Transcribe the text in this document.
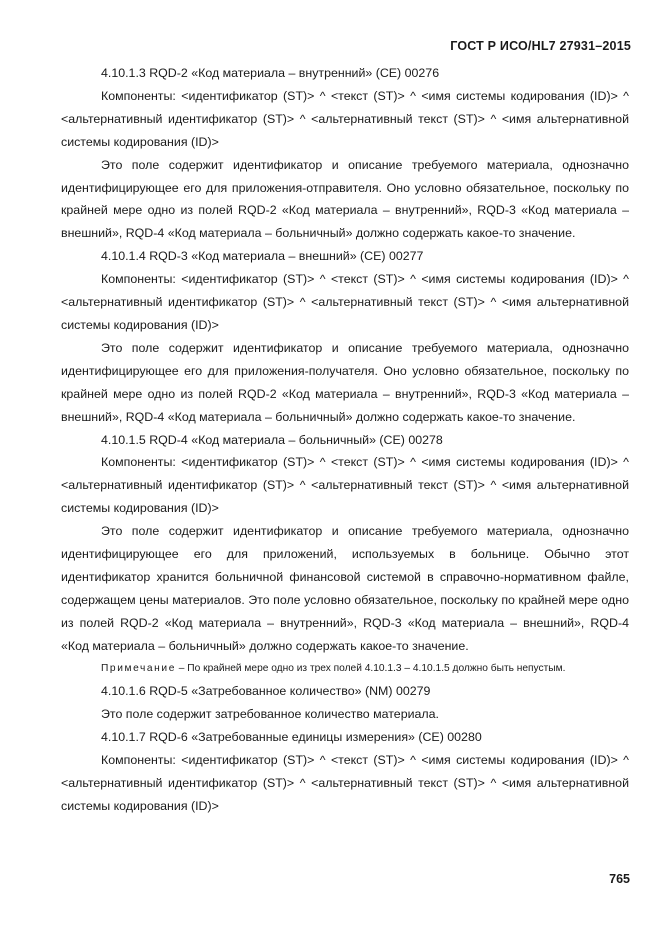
ГОСТ Р ИСО/HL7 27931–2015

4.10.1.3 RQD-2 «Код материала – внутренний» (CE) 00276

Компоненты: <идентификатор (ST)> ^ <текст (ST)> ^ <имя системы кодирования (ID)> ^ <альтернативный идентификатор (ST)> ^ <альтернативный текст (ST)> ^ <имя альтернативной системы кодирования (ID)>

Это поле содержит идентификатор и описание требуемого материала, однозначно идентифицирующее его для приложения-отправителя. Оно условно обязательное, поскольку по крайней мере одно из полей RQD-2 «Код материала – внутренний», RQD-3 «Код материала – внешний», RQD-4 «Код материала – больничный» должно содержать какое-то значение.

4.10.1.4 RQD-3 «Код материала – внешний» (CE) 00277

Компоненты: <идентификатор (ST)> ^ <текст (ST)> ^ <имя системы кодирования (ID)> ^ <альтернативный идентификатор (ST)> ^ <альтернативный текст (ST)> ^ <имя альтернативной системы кодирования (ID)>

Это поле содержит идентификатор и описание требуемого материала, однозначно идентифицирующее его для приложения-получателя. Оно условно обязательное, поскольку по крайней мере одно из полей RQD-2 «Код материала – внутренний», RQD-3 «Код материала – внешний», RQD-4 «Код материала – больничный» должно содержать какое-то значение.

4.10.1.5 RQD-4 «Код материала – больничный» (CE) 00278

Компоненты: <идентификатор (ST)> ^ <текст (ST)> ^ <имя системы кодирования (ID)> ^ <альтернативный идентификатор (ST)> ^ <альтернативный текст (ST)> ^ <имя альтернативной системы кодирования (ID)>

Это поле содержит идентификатор и описание требуемого материала, однозначно идентифицирующее его для приложений, используемых в больнице. Обычно этот идентификатор хранится больничной финансовой системой в справочно-нормативном файле, содержащем цены материалов. Это поле условно обязательное, поскольку по крайней мере одно из полей RQD-2 «Код материала – внутренний», RQD-3 «Код материала – внешний», RQD-4 «Код материала – больничный» должно содержать какое-то значение.

Примечание – По крайней мере одно из трех полей 4.10.1.3 – 4.10.1.5 должно быть непустым.

4.10.1.6 RQD-5 «Затребованное количество» (NM) 00279

Это поле содержит затребованное количество материала.

4.10.1.7 RQD-6 «Затребованные единицы измерения» (CE) 00280

Компоненты: <идентификатор (ST)> ^ <текст (ST)> ^ <имя системы кодирования (ID)> ^ <альтернативный идентификатор (ST)> ^ <альтернативный текст (ST)> ^ <имя альтернативной системы кодирования (ID)>

765
